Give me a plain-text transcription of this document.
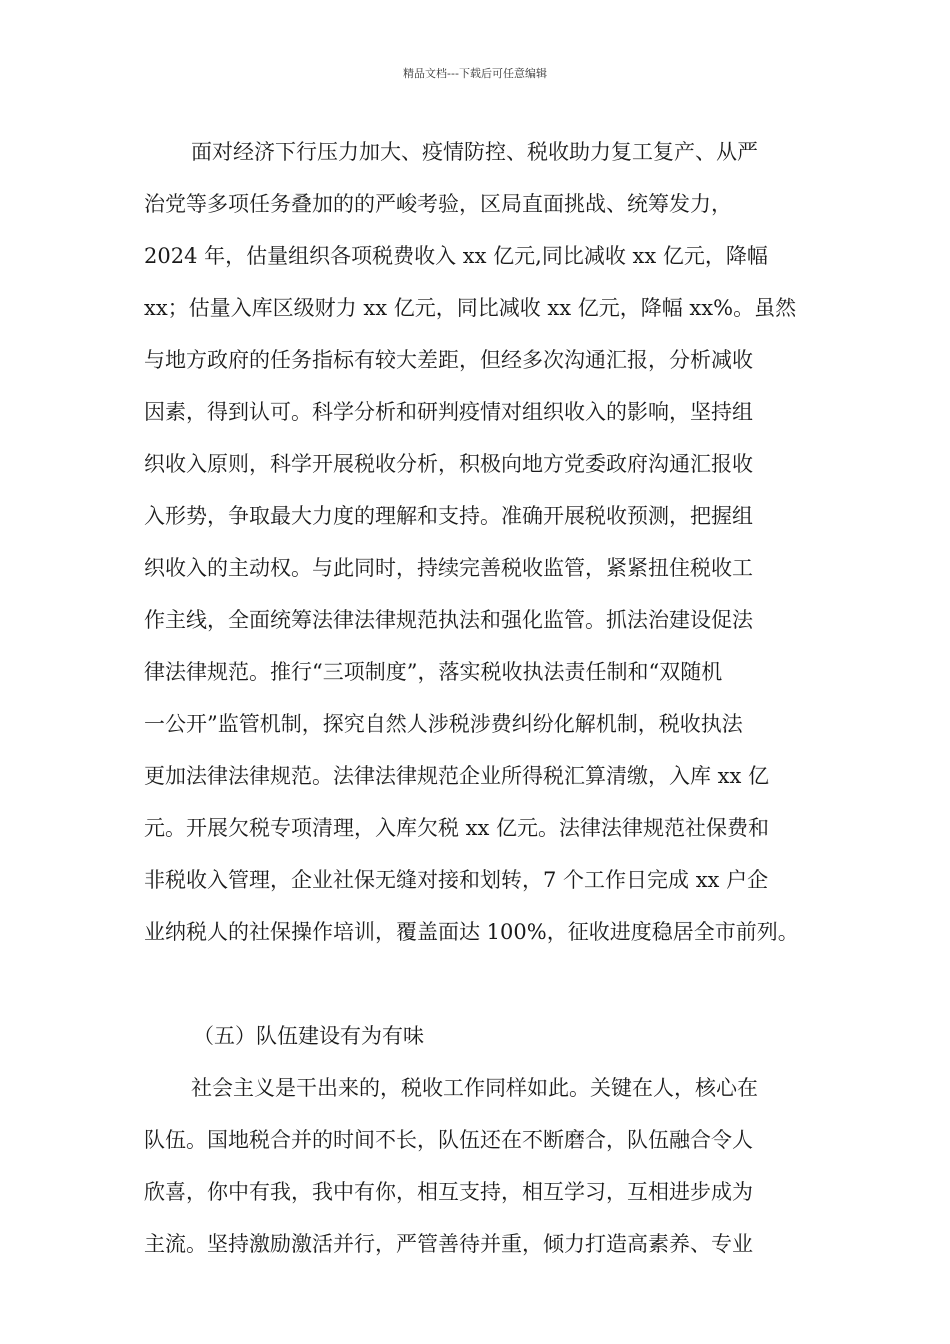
精品文档---下载后可任意编辑
面对经济下行压力加大、疫情防控、税收助力复工复产、从严
治党等多项任务叠加的的严峻考验，区局直面挑战、统筹发力，
2024 年，估量组织各项税费收入 xx 亿元,同比减收 xx 亿元，降幅
xx；估量入库区级财力 xx 亿元，同比减收 xx 亿元，降幅 xx%。虽然
与地方政府的任务指标有较大差距，但经多次沟通汇报，分析减收
因素，得到认可。科学分析和研判疫情对组织收入的影响，坚持组
织收入原则，科学开展税收分析，积极向地方党委政府沟通汇报收
入形势，争取最大力度的理解和支持。准确开展税收预测，把握组
织收入的主动权。与此同时，持续完善税收监管，紧紧扭住税收工
作主线，全面统筹法律法律规范执法和强化监管。抓法治建设促法
律法律规范。推行“三项制度”，落实税收执法责任制和“双随机
一公开”监管机制，探究自然人涉税涉费纠纷化解机制，税收执法
更加法律法律规范。法律法律规范企业所得税汇算清缴，入库 xx 亿
元。开展欠税专项清理，入库欠税 xx 亿元。法律法律规范社保费和
非税收入管理，企业社保无缝对接和划转，7 个工作日完成 xx 户企
业纳税人的社保操作培训，覆盖面达 100%，征收进度稳居全市前列。
（五）队伍建设有为有味
社会主义是干出来的，税收工作同样如此。关键在人，核心在
队伍。国地税合并的时间不长，队伍还在不断磨合，队伍融合令人
欣喜，你中有我，我中有你，相互支持，相互学习，互相进步成为
主流。坚持激励激活并行，严管善待并重，倾力打造高素养、专业
